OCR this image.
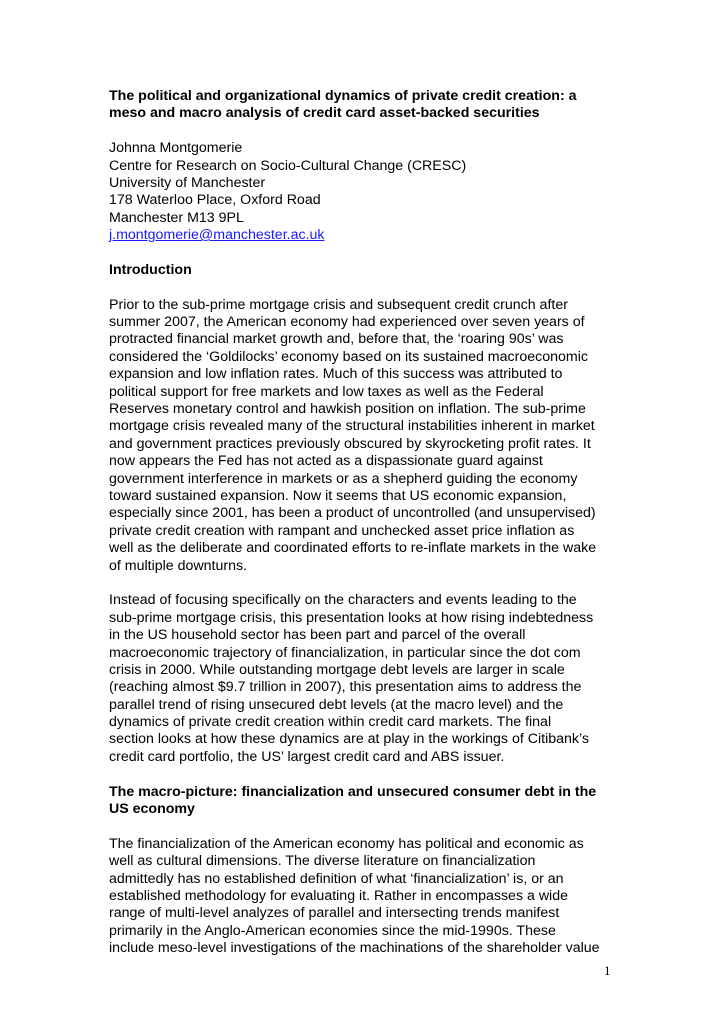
The political and organizational dynamics of private credit creation: a
meso and macro analysis of credit card asset-backed securities
Johnna Montgomerie
Centre for Research on Socio-Cultural Change (CRESC)
University of Manchester
178 Waterloo Place, Oxford Road
Manchester M13 9PL
j.montgomerie@manchester.ac.uk
Introduction
Prior to the sub-prime mortgage crisis and subsequent credit crunch after
summer 2007, the American economy had experienced over seven years of
protracted financial market growth and, before that, the ‘roaring 90s’ was
considered the ‘Goldilocks’ economy based on its sustained macroeconomic
expansion and low inflation rates. Much of this success was attributed to
political support for free markets and low taxes as well as the Federal
Reserves monetary control and hawkish position on inflation. The sub-prime
mortgage crisis revealed many of the structural instabilities inherent in market
and government practices previously obscured by skyrocketing profit rates. It
now appears the Fed has not acted as a dispassionate guard against
government interference in markets or as a shepherd guiding the economy
toward sustained expansion. Now it seems that US economic expansion,
especially since 2001, has been a product of uncontrolled (and unsupervised)
private credit creation with rampant and unchecked asset price inflation as
well as the deliberate and coordinated efforts to re-inflate markets in the wake
of multiple downturns.
Instead of focusing specifically on the characters and events leading to the
sub-prime mortgage crisis, this presentation looks at how rising indebtedness
in the US household sector has been part and parcel of the overall
macroeconomic trajectory of financialization, in particular since the dot com
crisis in 2000. While outstanding mortgage debt levels are larger in scale
(reaching almost $9.7 trillion in 2007), this presentation aims to address the
parallel trend of rising unsecured debt levels (at the macro level) and the
dynamics of private credit creation within credit card markets. The final
section looks at how these dynamics are at play in the workings of Citibank’s
credit card portfolio, the US’ largest credit card and ABS issuer.
The macro-picture: financialization and unsecured consumer debt in the
US economy
The financialization of the American economy has political and economic as
well as cultural dimensions. The diverse literature on financialization
admittedly has no established definition of what ‘financialization’ is, or an
established methodology for evaluating it. Rather in encompasses a wide
range of multi-level analyzes of parallel and intersecting trends manifest
primarily in the Anglo-American economies since the mid-1990s. These
include meso-level investigations of the machinations of the shareholder value
1
